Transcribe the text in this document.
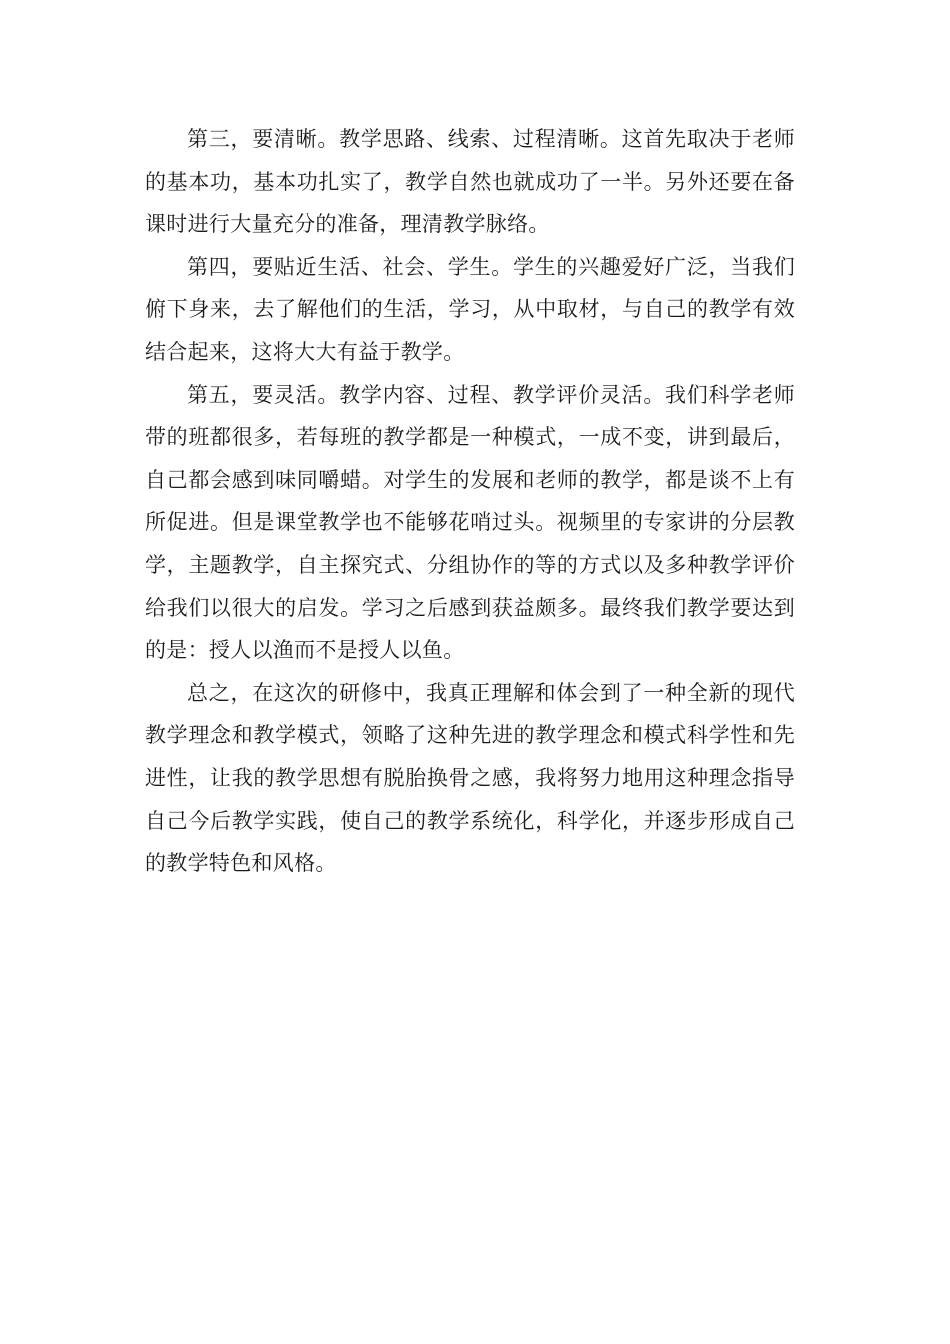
第三，要清晰。教学思路、线索、过程清晰。这首先取决于老师的基本功，基本功扎实了，教学自然也就成功了一半。另外还要在备课时进行大量充分的准备，理清教学脉络。

第四，要贴近生活、社会、学生。学生的兴趣爱好广泛，当我们俯下身来，去了解他们的生活，学习，从中取材，与自己的教学有效结合起来，这将大大有益于教学。

第五，要灵活。教学内容、过程、教学评价灵活。我们科学老师带的班都很多，若每班的教学都是一种模式，一成不变，讲到最后，自己都会感到味同嚼蜡。对学生的发展和老师的教学，都是谈不上有所促进。但是课堂教学也不能够花哨过头。视频里的专家讲的分层教学，主题教学，自主探究式、分组协作的等的方式以及多种教学评价给我们以很大的启发。学习之后感到获益颇多。最终我们教学要达到的是：授人以渔而不是授人以鱼。

总之，在这次的研修中，我真正理解和体会到了一种全新的现代教学理念和教学模式，领略了这种先进的教学理念和模式科学性和先进性，让我的教学思想有脱胎换骨之感，我将努力地用这种理念指导自己今后教学实践，使自己的教学系统化，科学化，并逐步形成自己的教学特色和风格。
